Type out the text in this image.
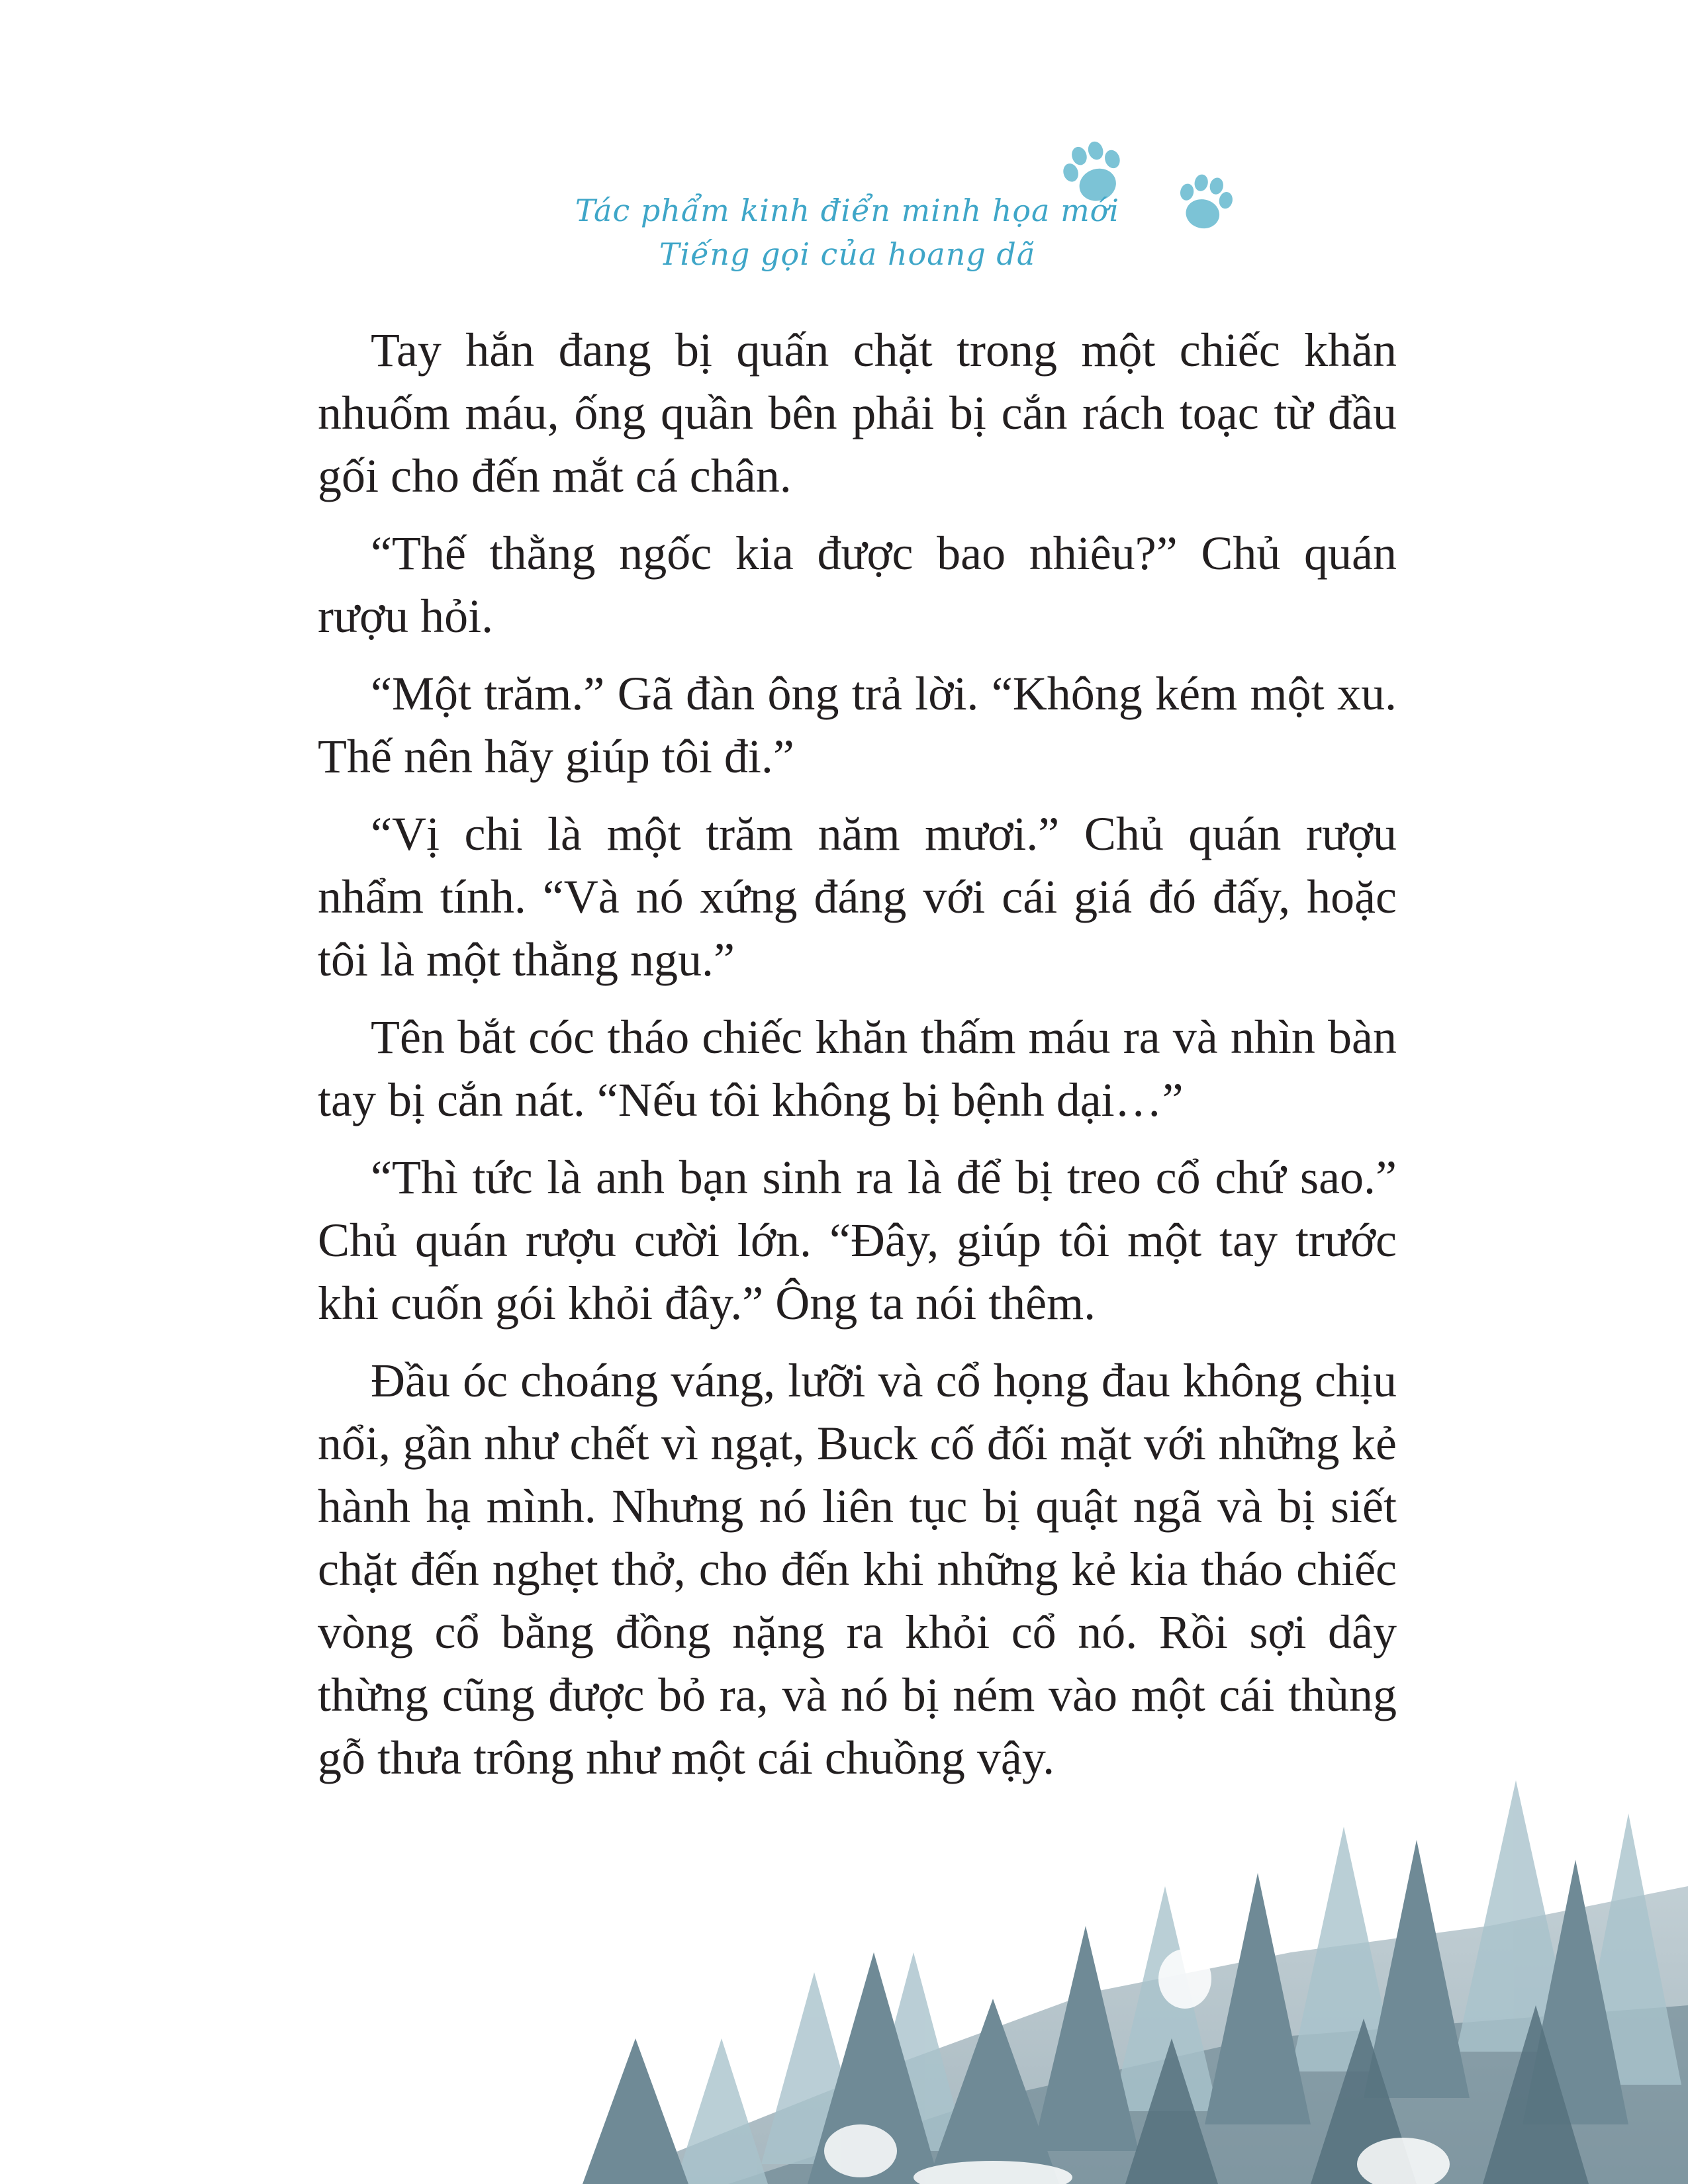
Tác phẩm kinh điển minh họa mới
Tiếng gọi của hoang dã

Tay hắn đang bị quấn chặt trong một chiếc khăn nhuốm máu, ống quần bên phải bị cắn rách toạc từ đầu gối cho đến mắt cá chân.

“Thế thằng ngốc kia được bao nhiêu?” Chủ quán rượu hỏi.

“Một trăm.” Gã đàn ông trả lời. “Không kém một xu. Thế nên hãy giúp tôi đi.”

“Vị chi là một trăm năm mươi.” Chủ quán rượu nhẩm tính. “Và nó xứng đáng với cái giá đó đấy, hoặc tôi là một thằng ngu.”

Tên bắt cóc tháo chiếc khăn thấm máu ra và nhìn bàn tay bị cắn nát. “Nếu tôi không bị bệnh dại…”

“Thì tức là anh bạn sinh ra là để bị treo cổ chứ sao.” Chủ quán rượu cười lớn. “Đây, giúp tôi một tay trước khi cuốn gói khỏi đây.” Ông ta nói thêm.

Đầu óc choáng váng, lưỡi và cổ họng đau không chịu nổi, gần như chết vì ngạt, Buck cố đối mặt với những kẻ hành hạ mình. Nhưng nó liên tục bị quật ngã và bị siết chặt đến nghẹt thở, cho đến khi những kẻ kia tháo chiếc vòng cổ bằng đồng nặng ra khỏi cổ nó. Rồi sợi dây thừng cũng được bỏ ra, và nó bị ném vào một cái thùng gỗ thưa trông như một cái chuồng vậy.
